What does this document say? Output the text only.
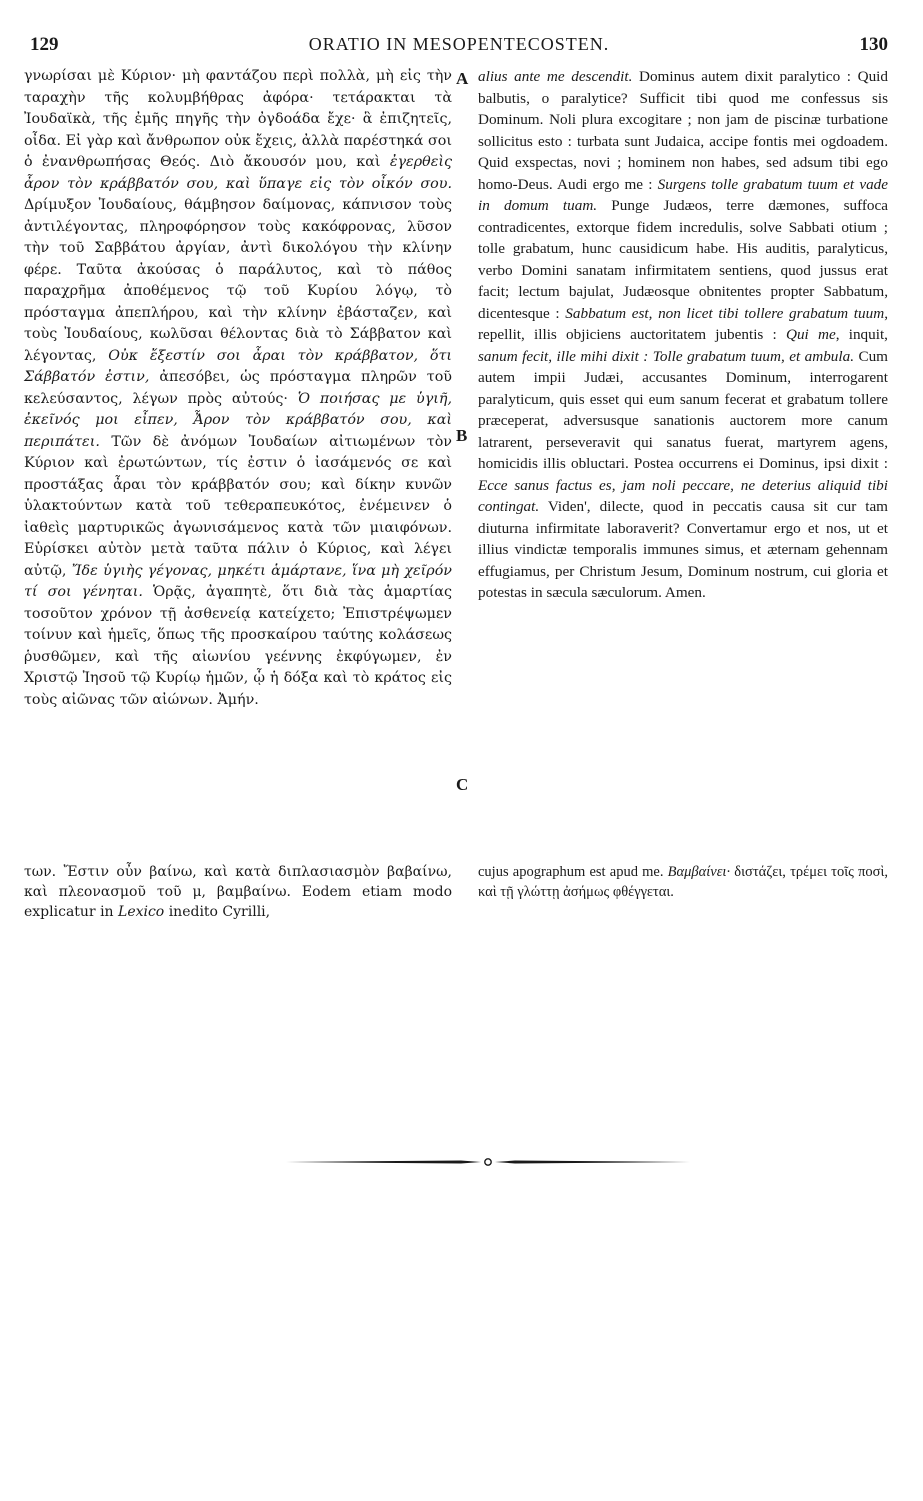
129	ORATIO IN MESOPENTECOSTEN.	130

γνωρίσαι μὲ Κύριον· μὴ φαντάζου περὶ πολλὰ, μὴ εἰς τὴν ταραχὴν τῆς κολυμβήθρας ἀφόρα· τετάρακται τὰ Ἰουδαϊκὰ, τῆς ἐμῆς πηγῆς τὴν ὀγδοάδα ἔχε· ἃ ἐπιζητεῖς, οἶδα. Εἰ γὰρ καὶ ἄνθρωπον οὐκ ἔχεις, ἀλλὰ παρέστηκά σοι ὁ ἐνανθρωπήσας Θεός. Διὸ ἄκουσόν μου, καὶ ἐγερθεὶς ἆρον τὸν κράββατόν σου, καὶ ὕπαγε εἰς τὸν οἶκόν σου. Δρίμυξον Ἰουδαίους, θάμβησον δαίμονας, κάπνισον τοὺς ἀντιλέγοντας, πληροφόρησον τοὺς κακόφρονας, λῦσον τὴν τοῦ Σαββάτου ἀργίαν, ἀντὶ δικολόγου τὴν κλίνην φέρε. Ταῦτα ἀκούσας ὁ παράλυτος, καὶ τὸ πάθος παραχρῆμα ἀποθέμενος τῷ τοῦ Κυρίου λόγῳ, τὸ πρόσταγμα ἀπεπλήρου, καὶ τὴν κλίνην ἐβάσταζεν, καὶ τοὺς Ἰουδαίους, κωλῦσαι θέλοντας διὰ τὸ Σάββατον καὶ λέγοντας, Οὐκ ἔξεστίν σοι ἆραι τὸν κράββατον, ὅτι Σάββατόν ἐστιν, ἀπεσόβει, ὡς πρόσταγμα πληρῶν τοῦ κελεύσαντος, λέγων πρὸς αὐτούς· Ὁ ποιήσας με ὑγιῆ, ἐκεῖνός μοι εἶπεν, Ἆρον τὸν κράββατόν σου, καὶ περιπάτει. Τῶν δὲ ἀνόμων Ἰουδαίων αἰτιωμένων τὸν Κύριον καὶ ἐρωτώντων, τίς ἐστιν ὁ ἰασάμενός σε καὶ προστάξας ἆραι τὸν κράββατόν σου; καὶ δίκην κυνῶν ὑλακτούντων κατὰ τοῦ τεθεραπευκότος, ἐνέμεινεν ὁ ἰαθεὶς μαρτυρικῶς ἀγωνισάμενος κατὰ τῶν μιαιφόνων. Εὑρίσκει αὐτὸν μετὰ ταῦτα πάλιν ὁ Κύριος, καὶ λέγει αὐτῷ, Ἴδε ὑγιὴς γέγονας, μηκέτι ἁμάρτανε, ἵνα μὴ χεῖρόν τί σοι γένηται. Ὁρᾷς, ἀγαπητὲ, ὅτι διὰ τὰς ἁμαρτίας τοσοῦτον χρόνον τῇ ἀσθενείᾳ κατείχετο; Ἐπιστρέψωμεν τοίνυν καὶ ἡμεῖς, ὅπως τῆς προσκαίρου ταύτης κολάσεως ῥυσθῶμεν, καὶ τῆς αἰωνίου γεέννης ἐκφύγωμεν, ἐν Χριστῷ Ἰησοῦ τῷ Κυρίῳ ἡμῶν, ᾧ ἡ δόξα καὶ τὸ κράτος εἰς τοὺς αἰῶνας τῶν αἰώνων. Ἀμήν.

A
B
C

alius ante me descendit. Dominus autem dixit paralytico : Quid balbutis, o paralytice? Sufficit tibi quod me confessus sis Dominum. Noli plura excogitare ; non jam de piscinæ turbatione sollicitus esto : turbata sunt Judaica, accipe fontis mei ogdoadem. Quid exspectas, novi ; hominem non habes, sed adsum tibi ego homo-Deus. Audi ergo me : Surgens tolle grabatum tuum et vade in domum tuam. Punge Judæos, terre dæmones, suffoca contradicentes, extorque fidem incredulis, solve Sabbati otium ; tolle grabatum, hunc causidicum habe. His auditis, paralyticus, verbo Domini sanatam infirmitatem sentiens, quod jussus erat facit; lectum bajulat, Judæosque obnitentes propter Sabbatum, dicentesque : Sabbatum est, non licet tibi tollere grabatum tuum, repellit, illis objiciens auctoritatem jubentis : Qui me, inquit, sanum fecit, ille mihi dixit : Tolle grabatum tuum, et ambula. Cum autem impii Judæi, accusantes Dominum, interrogarent paralyticum, quis esset qui eum sanum fecerat et grabatum tollere præceperat, adversusque sanationis auctorem more canum latrarent, perseveravit qui sanatus fuerat, martyrem agens, homicidis illis obluctari. Postea occurrens ei Dominus, ipsi dixit : Ecce sanus factus es, jam noli peccare, ne deterius aliquid tibi contingat. Viden', dilecte, quod in peccatis causa sit cur tam diuturna infirmitate laboraverit? Convertamur ergo et nos, ut et illius vindictæ temporalis immunes simus, et æternam gehennam effugiamus, per Christum Jesum, Dominum nostrum, cui gloria et potestas in sæcula sæculorum. Amen.

των. Ἔστιν οὖν βαίνω, καὶ κατὰ διπλασιασμὸν βαβαίνω, καὶ πλεονασμοῦ τοῦ μ, βαμβαίνω. Eodem etiam modo explicatur in Lexico inedito Cyrilli,
cujus apographum est apud me. Βαμβαίνει· διστάζει, τρέμει τοῖς ποσὶ, καὶ τῇ γλώττῃ ἀσήμως φθέγγεται.
